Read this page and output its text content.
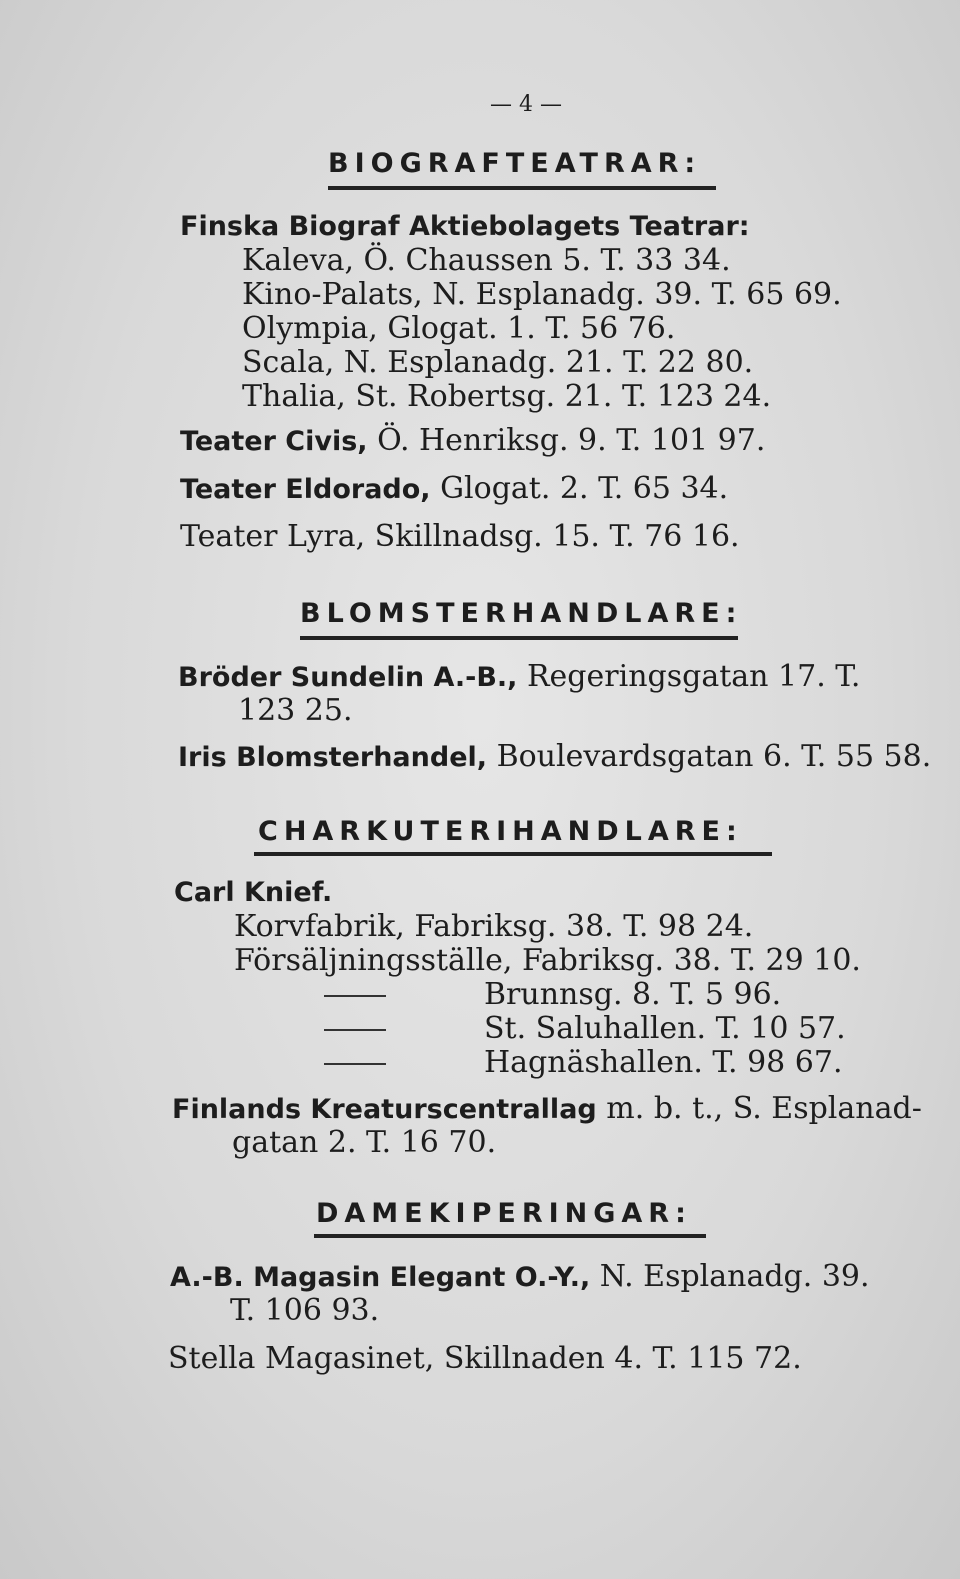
— 4 —
BIOGRAFTEATRAR:
Finska Biograf Aktiebolagets Teatrar:
Kaleva, Ö. Chaussen 5. T. 33 34.
Kino-Palats, N. Esplanadg. 39. T. 65 69.
Olympia, Glogat. 1. T. 56 76.
Scala, N. Esplanadg. 21. T. 22 80.
Thalia, St. Robertsg. 21. T. 123 24.
Teater Civis, Ö. Henriksg. 9. T. 101 97.
Teater Eldorado, Glogat. 2. T. 65 34.
Teater Lyra, Skillnadsg. 15. T. 76 16.
BLOMSTERHANDLARE:
Bröder Sundelin A.-B., Regeringsgatan 17. T.
123 25.
Iris Blomsterhandel, Boulevardsgatan 6. T. 55 58.
CHARKUTERIHANDLARE:
Carl Knief.
Korvfabrik, Fabriksg. 38. T. 98 24.
Försäljningsställe, Fabriksg. 38. T. 29 10.
Brunnsg. 8. T. 5 96.
St. Saluhallen. T. 10 57.
Hagnäshallen. T. 98 67.
Finlands Kreaturscentrallag m. b. t., S. Esplanad-
gatan 2. T. 16 70.
DAMEKIPERINGAR:
A.-B. Magasin Elegant O.-Y., N. Esplanadg. 39.
T. 106 93.
Stella Magasinet, Skillnaden 4. T. 115 72.
